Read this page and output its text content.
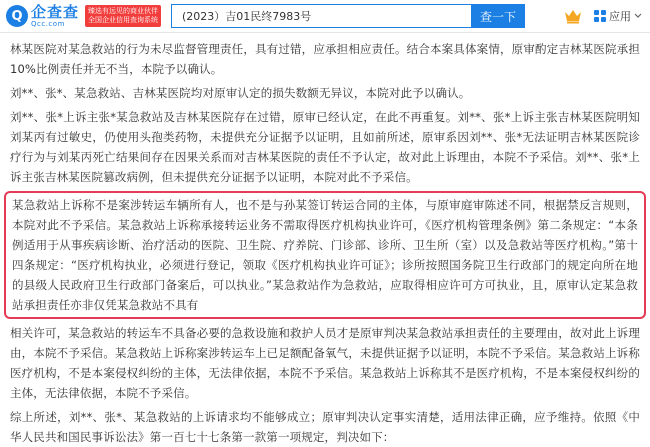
Q 企查查
Qcc.com
臻选有远见的商业伙伴
全国企业信用查询系统	(2023）吉01民终7983号	查一下	应用

林某医院对某急救站的行为未尽监督管理责任，具有过错，应承担相应责任。结合本案具体案情，原审酌定吉林某医院承担10%比例责任并无不当，本院予以确认。

刘**、张*、某急救站、吉林某医院均对原审认定的损失数额无异议，本院对此予以确认。

刘**、张*上诉主张*某急救站及吉林某医院存在过错，原审已经认定，在此不再重复。刘**、张*上诉主张吉林某医院明知刘某丙有过敏史，仍使用头孢类药物，未提供充分证据予以证明，且如前所述，原审系因刘**、张*无法证明吉林某医院诊疗行为与刘某丙死亡结果间存在因果关系而对吉林某医院的责任不予认定，故对此上诉理由，本院不予采信。刘**、张*上诉主张吉林某医院篡改病例，但未提供充分证据予以证明，本院对此不予采信。

某急救站上诉称不是案涉转运车辆所有人，也不是与孙某签订转运合同的主体，与原审庭审陈述不同，根据禁反言规则，本院对此不予采信。某急救站上诉称承接转运业务不需取得医疗机构执业许可，《医疗机构管理条例》第二条规定：“本条例适用于从事疾病诊断、治疗活动的医院、卫生院、疗养院、门诊部、诊所、卫生所（室）以及急救站等医疗机构。”第十四条规定：“医疗机构执业，必须进行登记，领取《医疗机构执业许可证》；诊所按照国务院卫生行政部门的规定向所在地的县级人民政府卫生行政部门备案后，可以执业。”某急救站作为急救站，应取得相应许可方可执业，且，原审认定某急救站承担责任亦非仅凭某急救站不具有

相关许可，某急救站的转运车不具备必要的急救设施和救护人员才是原审判决某急救站承担责任的主要理由，故对此上诉理由，本院不予采信。某急救站上诉称案涉转运车上已足额配备氧气，未提供证据予以证明，本院不予采信。某急救站上诉称医疗机构，不是本案侵权纠纷的主体，无法律依据，本院不予采信。某急救站上诉称其不是医疗机构，不是本案侵权纠纷的主体，无法律依据，本院不予采信。

综上所述，刘**、张*、某急救站的上诉请求均不能够成立；原审判决认定事实清楚，适用法律正确，应予维持。依照《中华人民共和国民事诉讼法》第一百七十七条第一款第一项规定，判决如下：
